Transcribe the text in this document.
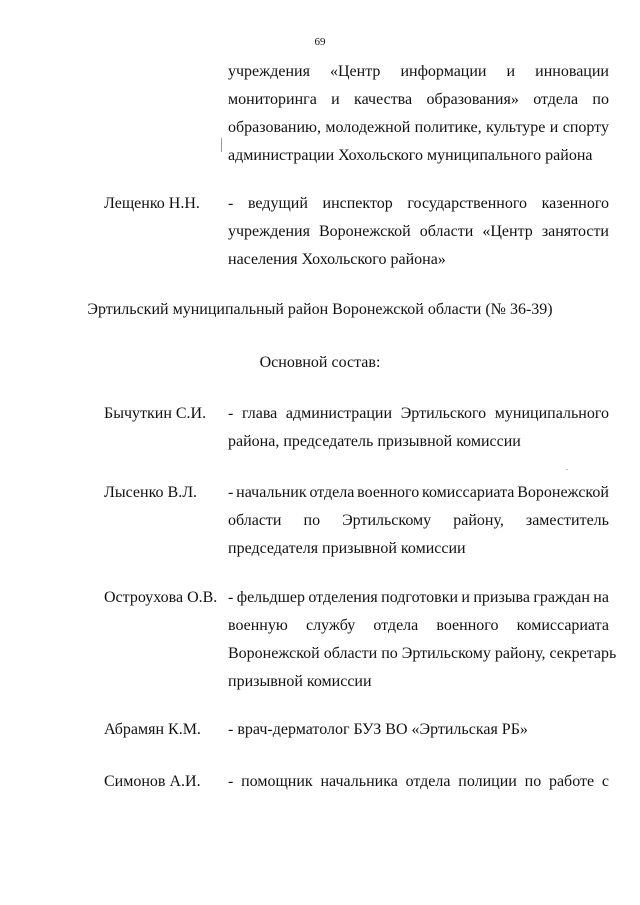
69
учреждения «Центр информации и инновации
мониторинга и качества образования» отдела по
образованию, молодежной политике, культуре и спорту
администрации Хохольского муниципального района
Лещенко Н.Н. - ведущий инспектор государственного казенного
учреждения Воронежской области «Центр занятости
населения Хохольского района»
Эртильский муниципальный район Воронежской области (№ 36-39)
Основной состав:
Бычуткин С.И. - глава администрации Эртильского муниципального
района, председатель призывной комиссии
Лысенко В.Л. - начальник отдела военного комиссариата Воронежской
области по Эртильскому району, заместитель
председателя призывной комиссии
Остроухова О.В. - фельдшер отделения подготовки и призыва граждан на
военную службу отдела военного комиссариата
Воронежской области по Эртильскому району, секретарь
призывной комиссии
Абрамян К.М. - врач-дерматолог БУЗ ВО «Эртильская РБ»
Симонов А.И. - помощник начальника отдела полиции по работе с
